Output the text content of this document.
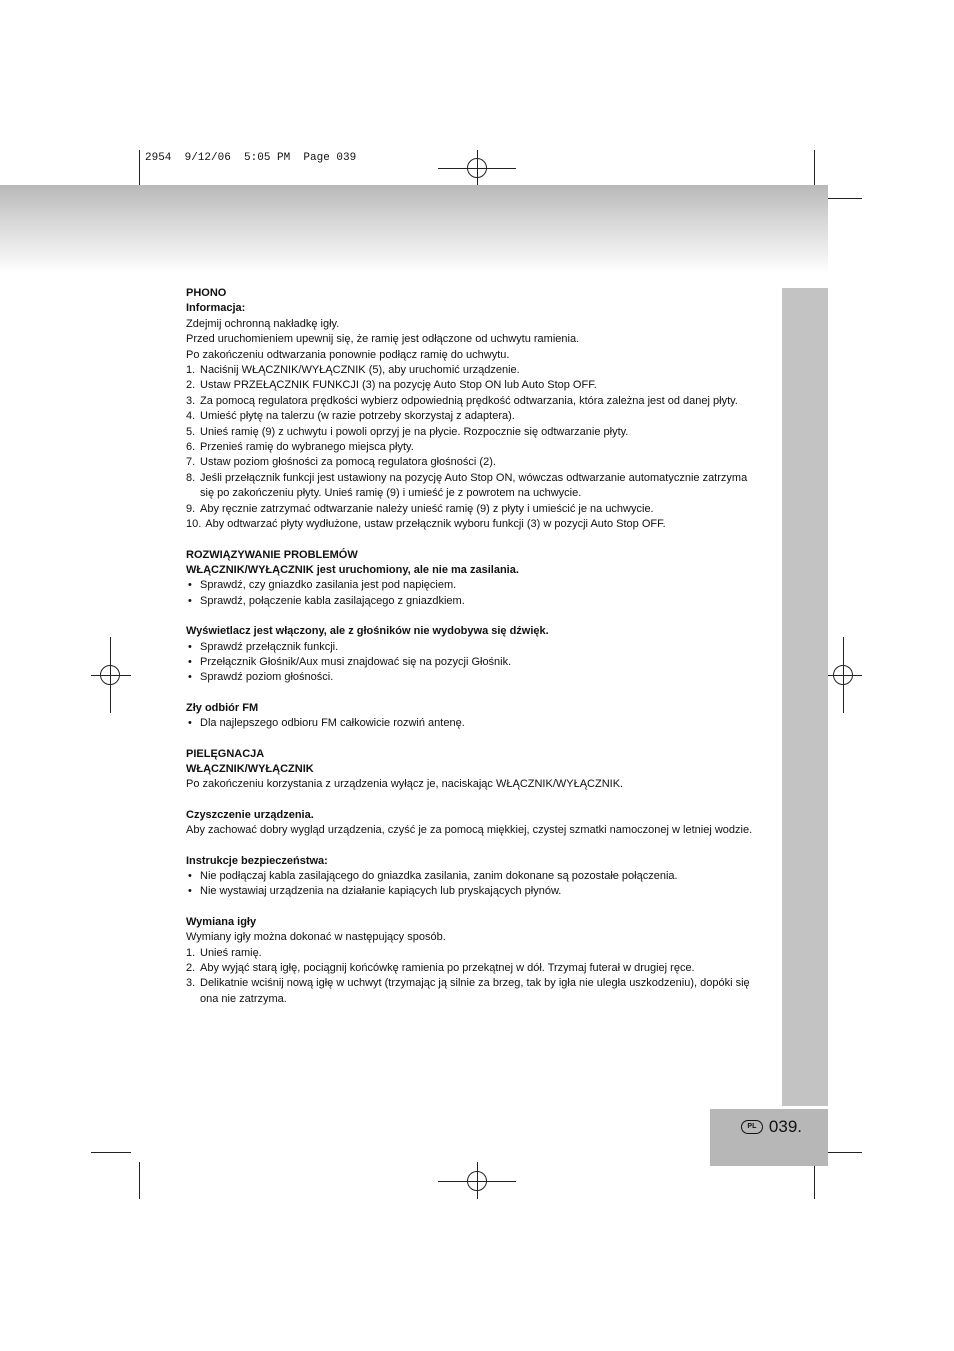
2954  9/12/06  5:05 PM  Page 039
PL 039.

PHONO

Informacja:

Zdejmij ochronną nakładkę igły.

Przed uruchomieniem upewnij się, że ramię jest odłączone od uchwytu ramienia.

Po zakończeniu odtwarzania ponownie podłącz ramię do uchwytu.

1. Naciśnij WŁĄCZNIK/WYŁĄCZNIK (5), aby uruchomić urządzenie.
2. Ustaw PRZEŁĄCZNIK FUNKCJI (3) na pozycję Auto Stop ON lub Auto Stop OFF.
3. Za pomocą regulatora prędkości wybierz odpowiednią prędkość odtwarzania, która zależna jest od danej płyty.
4. Umieść płytę na talerzu (w razie potrzeby skorzystaj z adaptera).
5. Unieś ramię (9) z uchwytu i powoli oprzyj je na płycie. Rozpocznie się odtwarzanie płyty.
6. Przenieś ramię do wybranego miejsca płyty.
7. Ustaw poziom głośności za pomocą regulatora głośności (2).
8. Jeśli przełącznik funkcji jest ustawiony na pozycję Auto Stop ON, wówczas odtwarzanie automatycznie zatrzyma się po zakończeniu płyty. Unieś ramię (9) i umieść je z powrotem na uchwycie.
9. Aby ręcznie zatrzymać odtwarzanie należy unieść ramię (9) z płyty i umieścić je na uchwycie.
10. Aby odtwarzać płyty wydłużone, ustaw przełącznik wyboru funkcji (3) w pozycji Auto Stop OFF.

ROZWIĄZYWANIE PROBLEMÓW

WŁĄCZNIK/WYŁĄCZNIK jest uruchomiony, ale nie ma zasilania.

• Sprawdź, czy gniazdko zasilania jest pod napięciem.
• Sprawdź, połączenie kabla zasilającego z gniazdkiem.

Wyświetlacz jest włączony, ale z głośników nie wydobywa się dźwięk.

• Sprawdź przełącznik funkcji.
• Przełącznik Głośnik/Aux musi znajdować się na pozycji Głośnik.
• Sprawdź poziom głośności.

Zły odbiór FM

• Dla najlepszego odbioru FM całkowicie rozwiń antenę.

PIELĘGNACJA

WŁĄCZNIK/WYŁĄCZNIK

Po zakończeniu korzystania z urządzenia wyłącz je, naciskając WŁĄCZNIK/WYŁĄCZNIK.

Czyszczenie urządzenia.

Aby zachować dobry wygląd urządzenia, czyść je za pomocą miękkiej, czystej szmatki namoczonej w letniej wodzie.

Instrukcje bezpieczeństwa:

• Nie podłączaj kabla zasilającego do gniazdka zasilania, zanim dokonane są pozostałe połączenia.
• Nie wystawiaj urządzenia na działanie kapiących lub pryskających płynów.

Wymiana igły

Wymiany igły można dokonać w następujący sposób.

1. Unieś ramię.
2. Aby wyjąć starą igłę, pociągnij końcówkę ramienia po przekątnej w dół. Trzymaj futerał w drugiej ręce.
3. Delikatnie wciśnij nową igłę w uchwyt (trzymając ją silnie za brzeg, tak by igła nie uległa uszkodzeniu), dopóki się ona nie zatrzyma.
